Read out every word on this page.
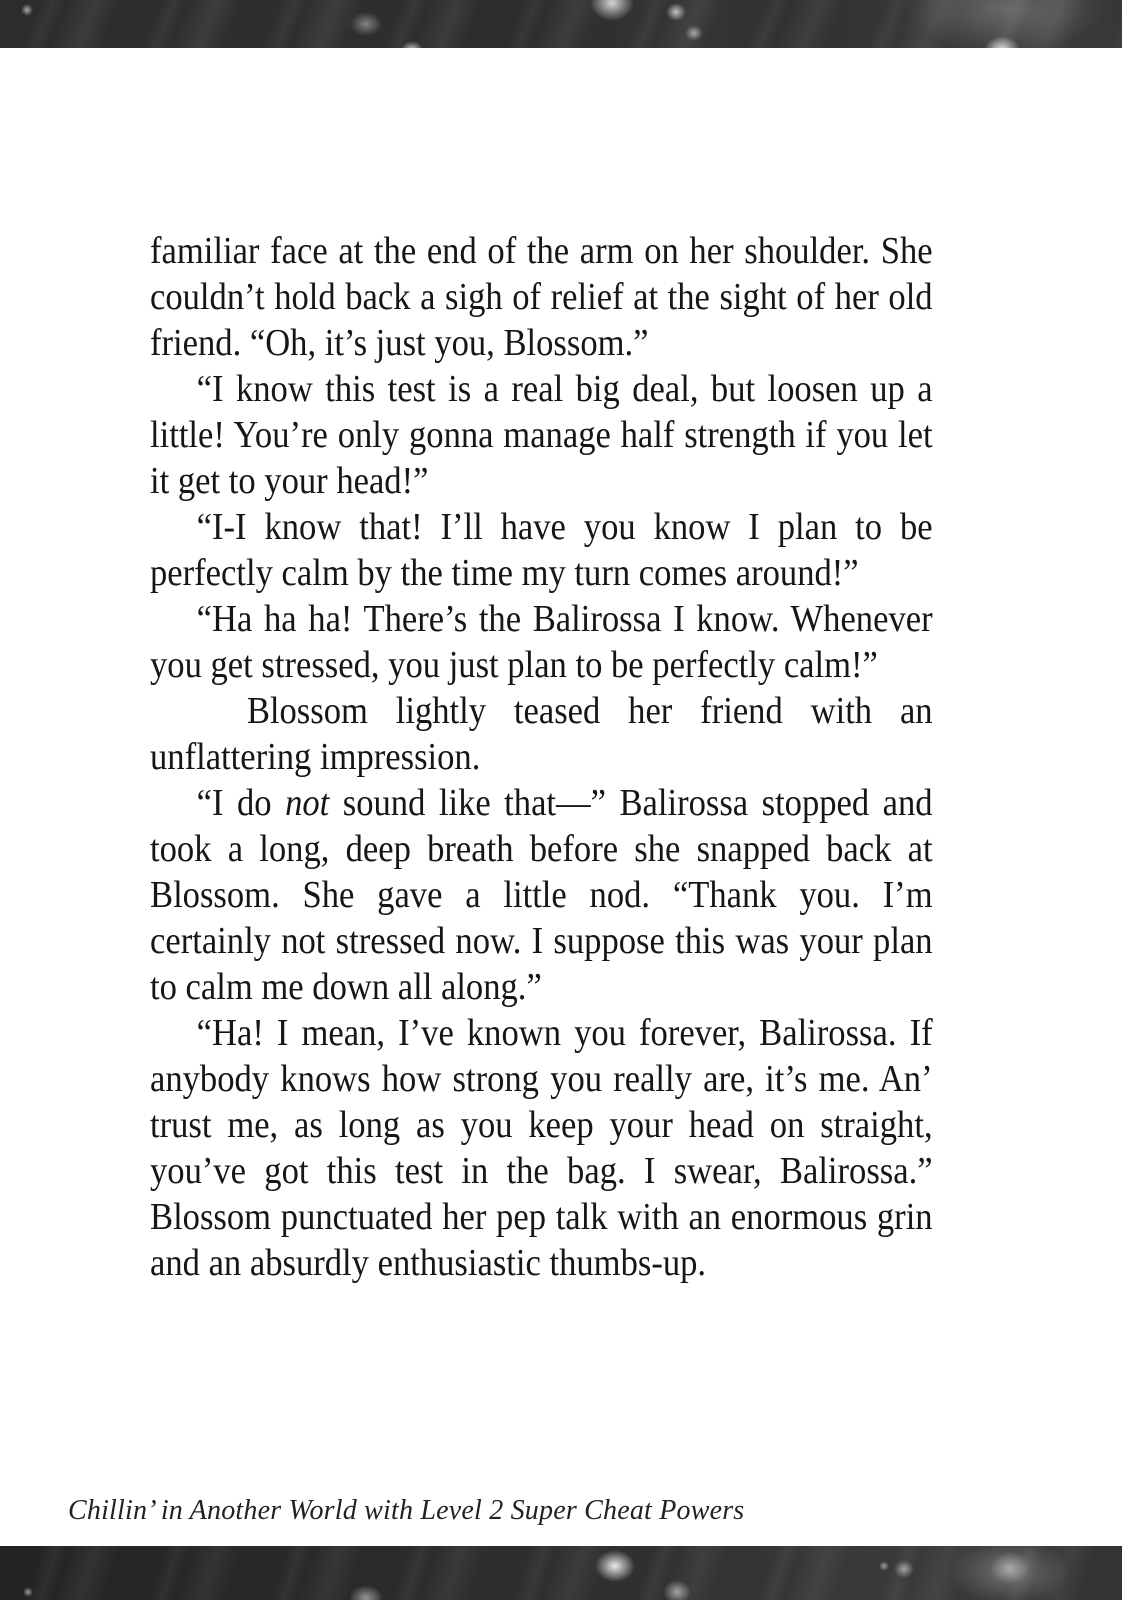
familiar face at the end of the arm on her shoulder. She couldn’t hold back a sigh of relief at the sight of her old friend. “Oh, it’s just you, Blossom.”

“I know this test is a real big deal, but loosen up a little! You’re only gonna manage half strength if you let it get to your head!”

“I-I know that! I’ll have you know I plan to be perfectly calm by the time my turn comes around!”

“Ha ha ha! There’s the Balirossa I know. Whenever you get stressed, you just plan to be perfectly calm!”

Blossom lightly teased her friend with an unflattering impression.

“I do not sound like that—” Balirossa stopped and took a long, deep breath before she snapped back at Blossom. She gave a little nod. “Thank you. I’m certainly not stressed now. I suppose this was your plan to calm me down all along.”

“Ha! I mean, I’ve known you forever, Balirossa. If anybody knows how strong you really are, it’s me. An’ trust me, as long as you keep your head on straight, you’ve got this test in the bag. I swear, Balirossa.” Blossom punctuated her pep talk with an enormous grin and an absurdly enthusiastic thumbs-up.

Chillin’ in Another World with Level 2 Super Cheat Powers
